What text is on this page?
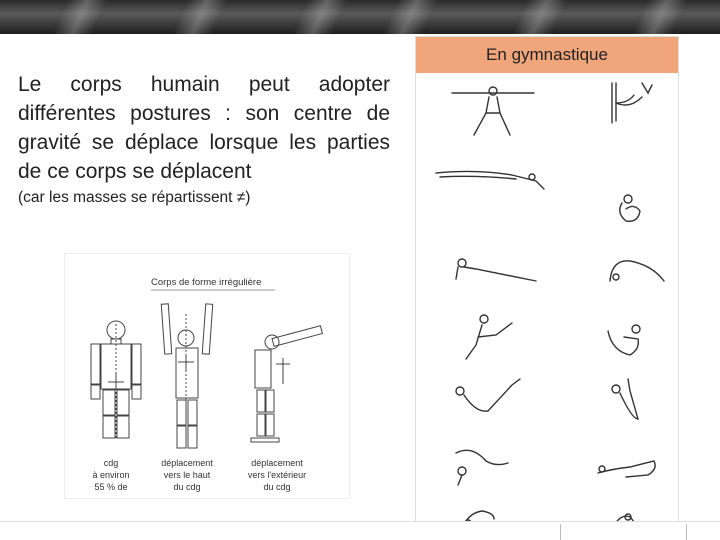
Le corps humain peut adopter différentes postures : son centre de gravité se déplace lorsque les parties de ce corps se déplacent

(car les masses se répartissent ≠)

Corps de forme irrégulière
cdg
à environ
55 % de
déplacement
vers le haut
du cdg
déplacement
vers l'extérieur
du cdg
En gymnastique
